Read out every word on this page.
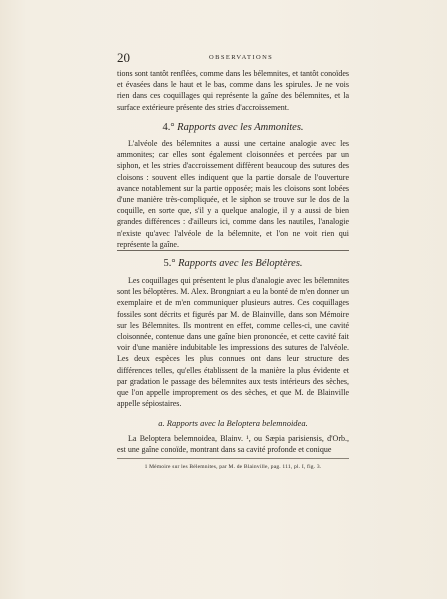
20	OBSERVATIONS

tions sont tantôt renflées, comme dans les bélemnites, et tantôt conoïdes et évasées dans le haut et le bas, comme dans les spirules. Je ne vois rien dans ces coquillages qui représente la gaîne des bélemnites, et la surface extérieure présente des stries d'accroissement.

4.° Rapports avec les Ammonites.

L'alvéole des bélemnites a aussi une certaine analogie avec les ammonites; car elles sont également cloisonnées et percées par un siphon, et les stries d'accroissement diffèrent beaucoup des sutures des cloisons : souvent elles indiquent que la partie dorsale de l'ouverture avance notablement sur la partie opposée; mais les cloisons sont lobées d'une manière très-compliquée, et le siphon se trouve sur le dos de la coquille, en sorte que, s'il y a quelque analogie, il y a aussi de bien grandes différences : d'ailleurs ici, comme dans les nautiles, l'analogie n'existe qu'avec l'alvéole de la bélemnite, et l'on ne voit rien qui représente la gaîne.

5.° Rapports avec les Béloptères.

Les coquillages qui présentent le plus d'analogie avec les bélemnites sont les béloptères. M. Alex. Brongniart a eu la bonté de m'en donner un exemplaire et de m'en communiquer plusieurs autres. Ces coquillages fossiles sont décrits et figurés par M. de Blainville, dans son Mémoire sur les Bélemnites. Ils montrent en effet, comme celles-ci, une cavité cloisonnée, contenue dans une gaîne bien prononcée, et cette cavité fait voir d'une manière indubitable les impressions des sutures de l'alvéole. Les deux espèces les plus connues ont dans leur structure des différences telles, qu'elles établissent de la manière la plus évidente et par gradation le passage des bélemnites aux tests intérieurs des sèches, que l'on appelle improprement os des sèches, et que M. de Blainville appelle sépiostaires.

a. Rapports avec la Beloptera belemnoidea.

La Beloptera belemnoidea, Blainv. ¹, ou Sæpia parisiensis, d'Orb., est une gaîne conoïde, montrant dans sa cavité profonde et conique

1 Mémoire sur les Bélemnites, par M. de Blainville, pag. 111, pl. I, fig. 3.
